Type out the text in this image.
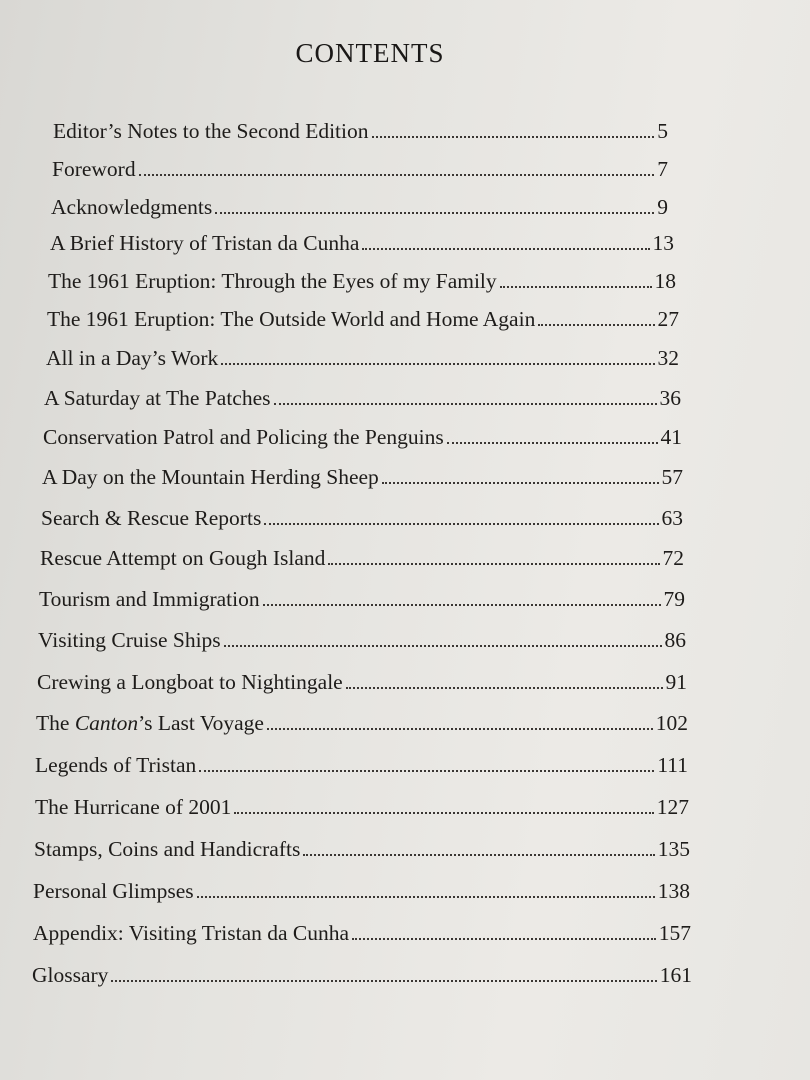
CONTENTS
Editor’s Notes to the Second Edition	5
Foreword	7
Acknowledgments	9
A Brief History of Tristan da Cunha	13
The 1961 Eruption: Through the Eyes of my Family	18
The 1961 Eruption: The Outside World and Home Again	27
All in a Day’s Work	32
A Saturday at The Patches	36
Conservation Patrol and Policing the Penguins	41
A Day on the Mountain Herding Sheep	57
Search & Rescue Reports	63
Rescue Attempt on Gough Island	72
Tourism and Immigration	79
Visiting Cruise Ships	86
Crewing a Longboat to Nightingale	91
The Canton’s Last Voyage	102
Legends of Tristan	111
The Hurricane of 2001	127
Stamps, Coins and Handicrafts	135
Personal Glimpses	138
Appendix: Visiting Tristan da Cunha	157
Glossary	161
